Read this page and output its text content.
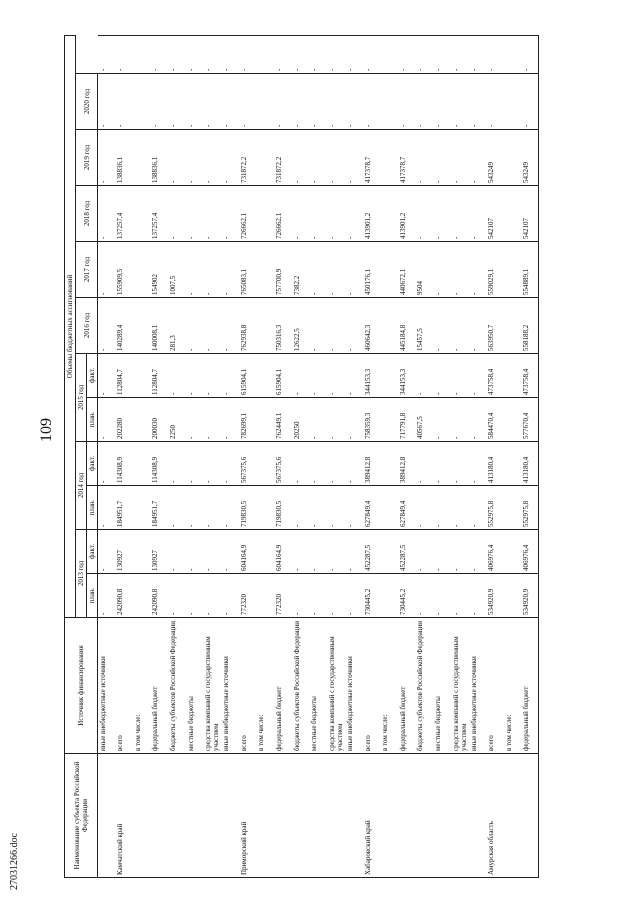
109
27031266.doc	Наименование субъекта Российской Федерации	Источник финансирования	Объемы бюджетных ассигнований											
		2013 год		2014 год		2015 год		2016 год	2017 год	2018 год	2019 год	2020 год	
		план.	факт.	план.	факт.	план.	факт.						
	иные внебюджетные источники	-	-	-	-	-	-	-	-	-	-	-	-
Камчатский край	всего	242090,8	130927	184951,7	114308,9	202280	112804,7	140289,4	155909,5	137257,4	138836,1	-	-
	в том числе:												
	федеральный бюджет	242090,8	130927	184951,7	114308,9	200030	112804,7	140008,1	154902	137257,4	138836,1	-	-
	бюджеты субъектов Российской Федерации	-	-	-	-	2250	-	281,3	1007,5	-	-	-	-
	местные бюджеты	-	-	-	-	-	-	-	-	-	-	-	-
	средства компаний с государственным участием	-	-	-	-	-	-	-	-	-	-	-	-
	иные внебюджетные источники	-	-	-	-	-	-	-	-	-	-	-	-
Приморский край	всего	772320	604164,9	719830,5	567375,6	782699,1	615904,1	762938,8	765083,1	726662,1	731872,2	-	-
	в том числе:												
	федеральный бюджет	772320	604164,9	719830,5	567375,6	762449,1	615904,1	750316,3	757700,9	726662,1	731872,2	-	-
	бюджеты субъектов Российской Федерации	-	-	-	-	20250	-	12622,5	7382,2	-	-	-	-
	местные бюджеты	-	-	-	-	-	-	-	-	-	-	-	-
	средства компаний с государственным участием	-	-	-	-	-	-	-	-	-	-	-	-
	иные внебюджетные источники	-	-	-	-	-	-	-	-	-	-	-	-
Хабаровский край	всего	730445,2	452287,5	627849,4	389412,8	758359,3	344153,3	460642,3	450176,1	413901,2	417378,7	-	-
	в том числе:												
	федеральный бюджет	730445,2	452287,5	627849,4	389412,8	717791,8	344153,3	445184,8	440672,1	413901,2	417378,7	-	-
	бюджеты субъектов Российской Федерации	-	-	-	-	40567,5	-	15457,5	9504	-	-	-	-
	местные бюджеты	-	-	-	-	-	-	-	-	-	-	-	-
	средства компаний с государственным участием	-	-	-	-	-	-	-	-	-	-	-	-
	иные внебюджетные источники	-	-	-	-	-	-	-	-	-	-	-	-
Амурская область	всего	534920,9	406976,4	552975,8	413180,4	584470,4	473758,4	563950,7	559029,1	542107	543249	-	-
	в том числе:												
	федеральный бюджет	534920,9	406976,4	552975,8	413180,4	577670,4	473758,4	558188,2	554889,1	542107	543249	-	-
